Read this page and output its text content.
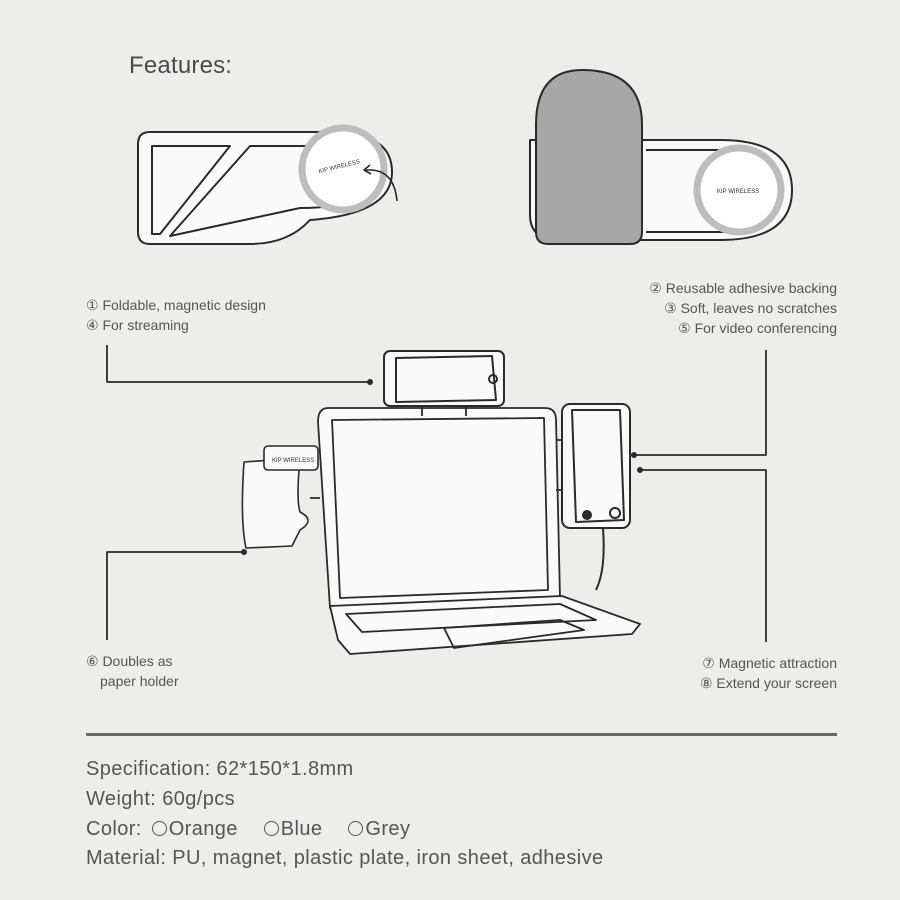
Features:
KIP WIRELESS
KIP WIRELESS
KIP WIRELESS
① Foldable, magnetic design
④ For streaming
② Reusable adhesive backing
③ Soft, leaves no scratches
⑤ For video conferencing
⑥ Doubles as
paper holder
⑦ Magnetic attraction
⑧ Extend your screen
Specification: 62*150*1.8mm
Weight: 60g/pcs
Color: Orange Blue Grey
Material: PU, magnet, plastic plate, iron sheet, adhesive
